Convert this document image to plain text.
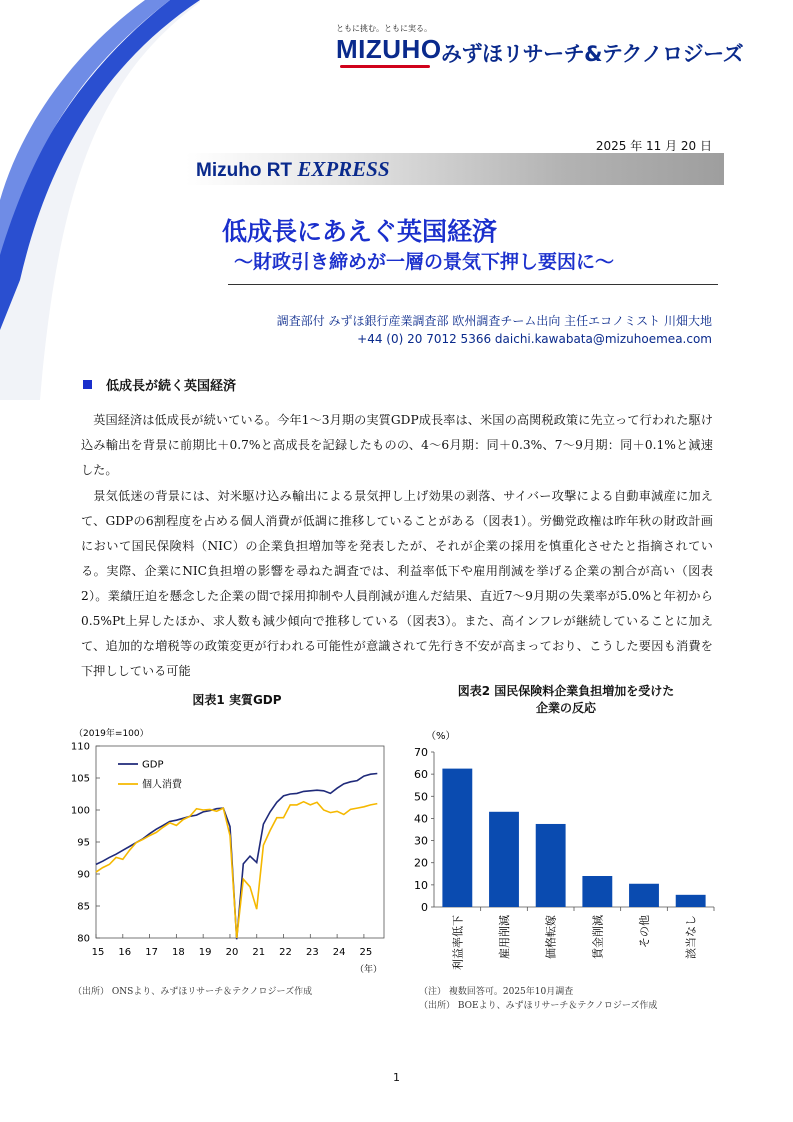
ともに挑む。ともに実る。
MIZUHO みずほリサーチ&テクノロジーズ
2025 年 11 月 20 日
Mizuho RT EXPRESS
低成長にあえぐ英国経済
～財政引き締めが一層の景気下押し要因に～
調査部付 みずほ銀行産業調査部 欧州調査チーム出向 主任エコノミスト 川畑大地
+44 (0) 20 7012 5366 daichi.kawabata@mizuhoemea.com
低成長が続く英国経済

英国経済は低成長が続いている。今年1～3月期の実質GDP成長率は、米国の高関税政策に先立って行われた駆け込み輸出を背景に前期比＋0.7%と高成長を記録したものの、4～6月期：同＋0.3%、7～9月期：同＋0.1%と減速した。

景気低迷の背景には、対米駆け込み輸出による景気押し上げ効果の剥落、サイバー攻撃による自動車減産に加えて、GDPの6割程度を占める個人消費が低調に推移していることがある（図表1）。労働党政権は昨年秋の財政計画において国民保険料（NIC）の企業負担増加等を発表したが、それが企業の採用を慎重化させたと指摘されている。実際、企業にNIC負担増の影響を尋ねた調査では、利益率低下や雇用削減を挙げる企業の割合が高い（図表2）。業績圧迫を懸念した企業の間で採用抑制や人員削減が進んだ結果、直近7～9月期の失業率が5.0%と年初から0.5%Pt上昇したほか、求人数も減少傾向で推移している（図表3）。また、高インフレが継続していることに加えて、追加的な増税等の政策変更が行われる可能性が意識されて先行き不安が高まっており、こうした要因も消費を下押ししている可能

図表1 実質GDP
（2019年=100）
80
85
90
95
100
105
110
15 16 17 18 19 20 21 22 23 24 25
（年）
GDP
個人消費
（出所） ONSより、みずほリサーチ＆テクノロジーズ作成
図表2 国民保険料企業負担増加を受けた
企業の反応
（%）
0
10
20
30
40
50
60
70
利益率低下	雇用削減	価格転嫁	賃金削減	その他	該当なし
（注） 複数回答可。2025年10月調査
（出所） BOEより、みずほリサーチ＆テクノロジーズ作成
1
